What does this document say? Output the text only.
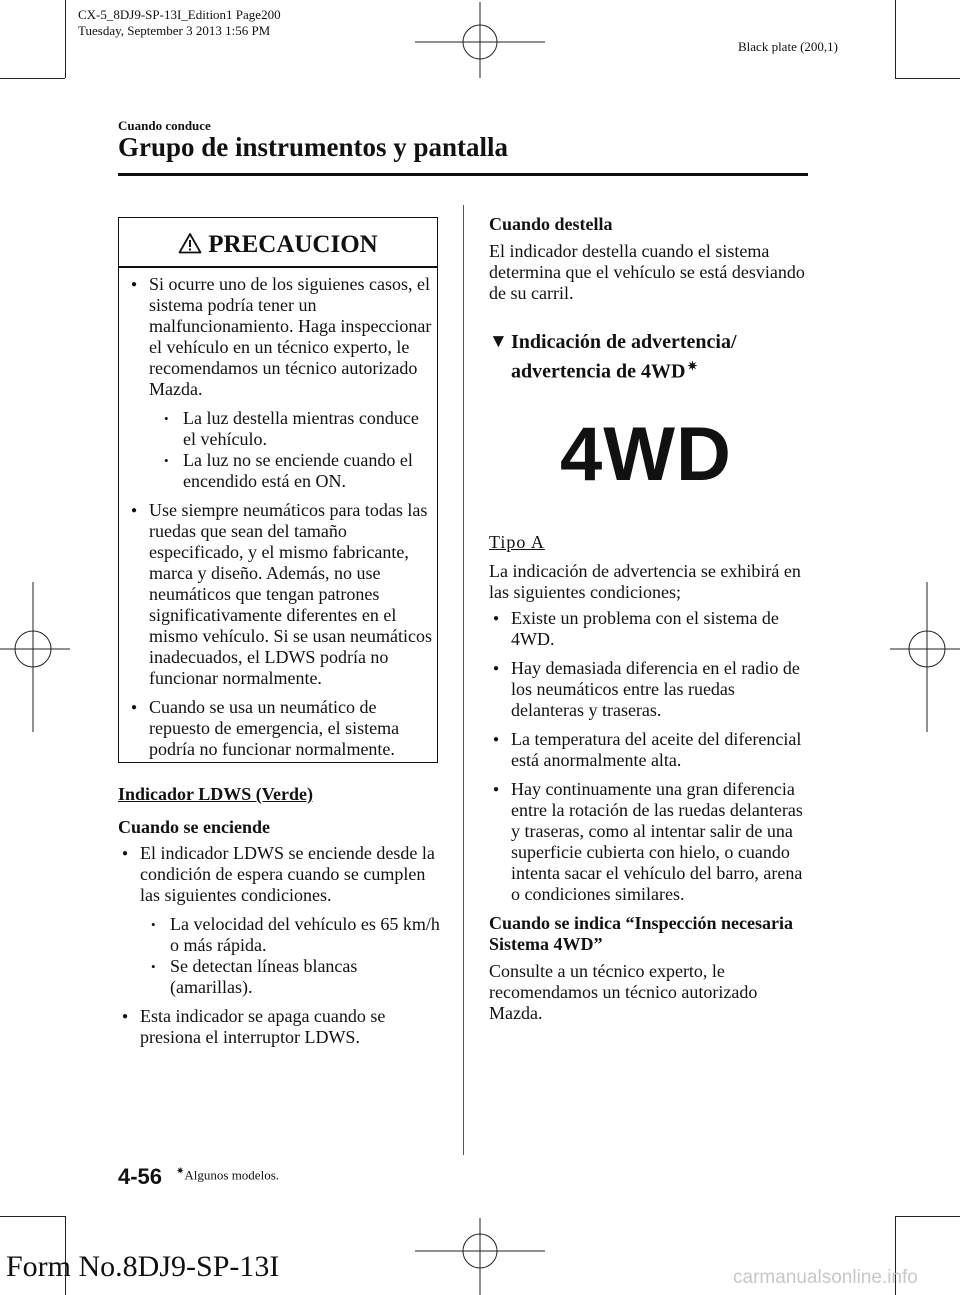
CX-5_8DJ9-SP-13I_Edition1 Page200
Tuesday, September 3 2013 1:56 PM
Black plate (200,1)
Cuando conduce
Grupo de instrumentos y pantalla
PRECAUCION

● Si ocurre uno de los siguienes casos, el sistema podría tener un malfuncionamiento. Haga inspeccionar el vehículo en un técnico experto, le recomendamos un técnico autorizado Mazda.

• La luz destella mientras conduce el vehículo.

• La luz no se enciende cuando el encendido está en ON.

● Use siempre neumáticos para todas las ruedas que sean del tamaño especificado, y el mismo fabricante, marca y diseño. Además, no use neumáticos que tengan patrones significativamente diferentes en el mismo vehículo. Si se usan neumáticos inadecuados, el LDWS podría no funcionar normalmente.

● Cuando se usa un neumático de repuesto de emergencia, el sistema podría no funcionar normalmente.

Indicador LDWS (Verde)

Cuando se enciende

● El indicador LDWS se enciende desde la condición de espera cuando se cumplen las siguientes condiciones.

• La velocidad del vehículo es 65 km/h o más rápida.

• Se detectan líneas blancas (amarillas).

● Esta indicador se apaga cuando se presiona el interruptor LDWS.

Cuando destella

El indicador destella cuando el sistema determina que el vehículo se está desviando de su carril.

▼ Indicación de advertencia/
advertencia de 4WD ✷
4WD

Tipo A

La indicación de advertencia se exhibirá en las siguientes condiciones;

● Existe un problema con el sistema de 4WD.

● Hay demasiada diferencia en el radio de los neumáticos entre las ruedas delanteras y traseras.

● La temperatura del aceite del diferencial está anormalmente alta.

● Hay continuamente una gran diferencia entre la rotación de las ruedas delanteras y traseras, como al intentar salir de una superficie cubierta con hielo, o cuando intenta sacar el vehículo del barro, arena o condiciones similares.

Cuando se indica “Inspección necesaria Sistema 4WD”

Consulte a un técnico experto, le recomendamos un técnico autorizado Mazda.

4-56 ✷Algunos modelos.
Form No.8DJ9-SP-13I	carmanualsonline.info
